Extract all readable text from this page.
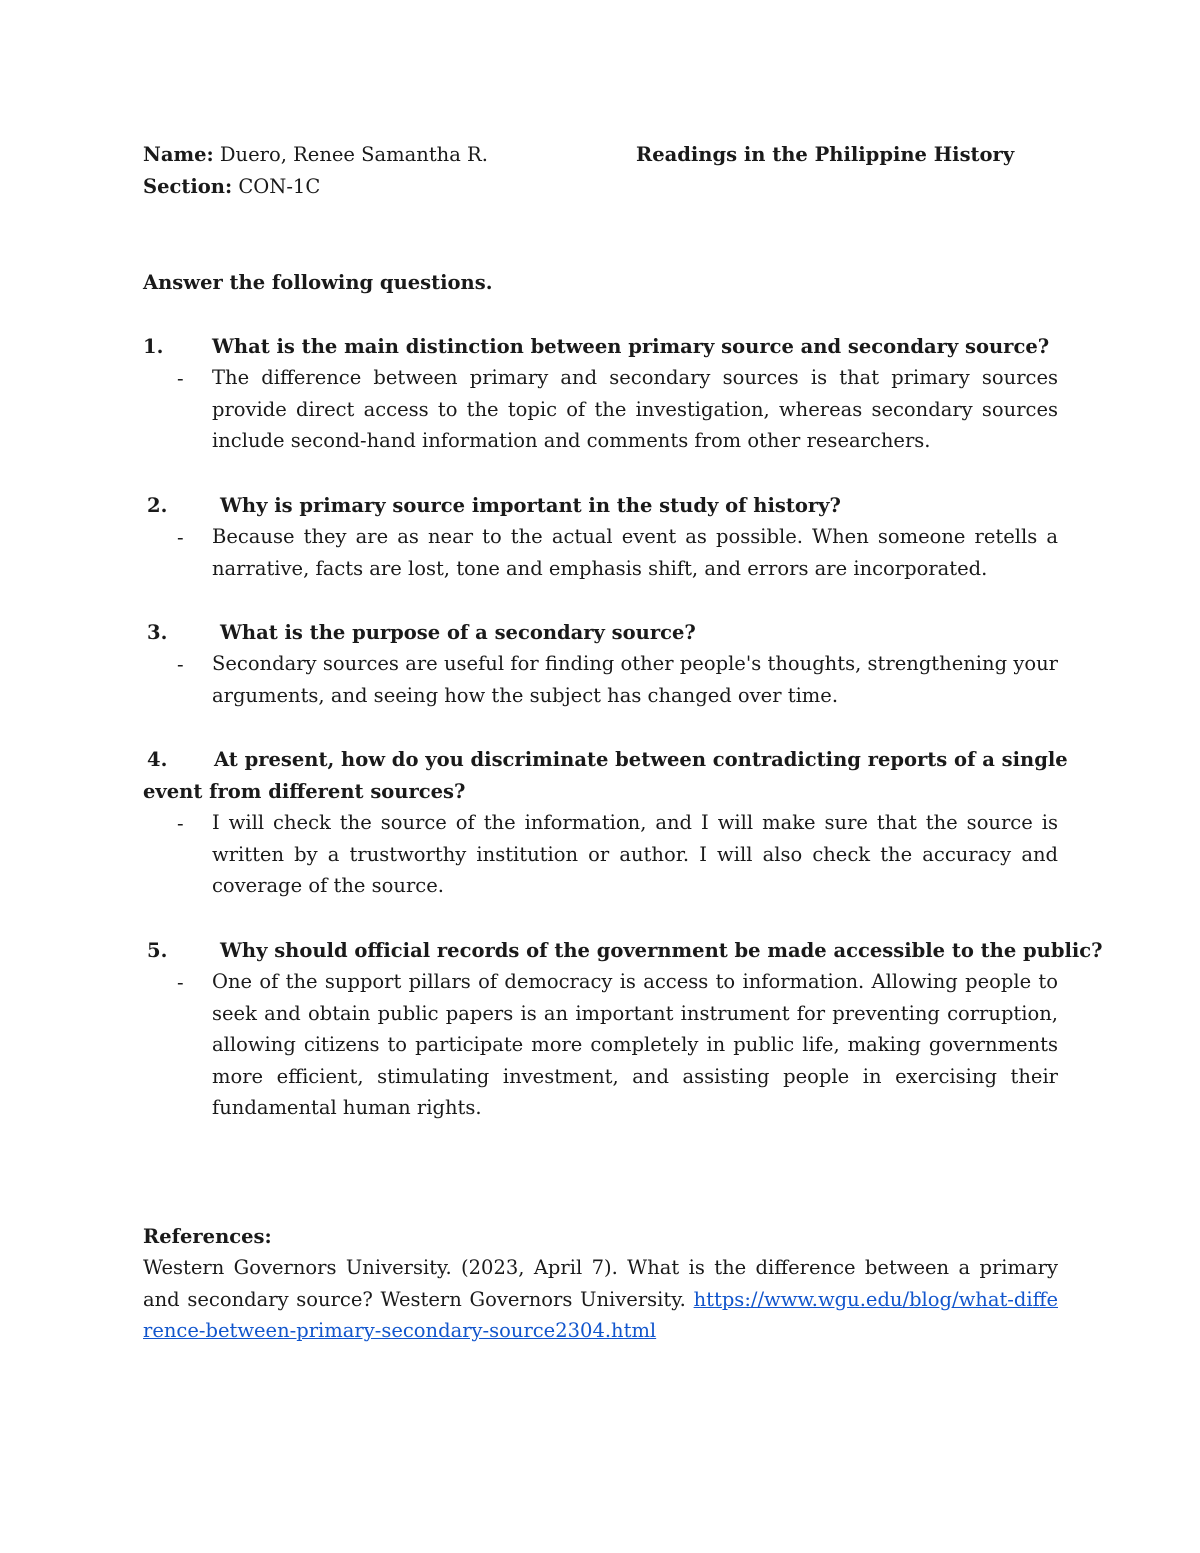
Name: Duero, Renee Samantha R.	Readings in the Philippine History
Section: CON-1C
Answer the following questions.
1. What is the main distinction between primary source and secondary source?
- The difference between primary and secondary sources is that primary sources provide direct access to the topic of the investigation, whereas secondary sources include second-hand information and comments from other researchers.
2.	Why is primary source important in the study of history?
- Because they are as near to the actual event as possible. When someone retells a narrative, facts are lost, tone and emphasis shift, and errors are incorporated.
3.	What is the purpose of a secondary source?
- Secondary sources are useful for finding other people's thoughts, strengthening your arguments, and seeing how the subject has changed over time.
4. At present, how do you discriminate between contradicting reports of a single
event from different sources?
- I will check the source of the information, and I will make sure that the source is written by a trustworthy institution or author. I will also check the accuracy and coverage of the source.
5.	Why should official records of the government be made accessible to the public?
- One of the support pillars of democracy is access to information. Allowing people to seek and obtain public papers is an important instrument for preventing corruption, allowing citizens to participate more completely in public life, making governments more efficient, stimulating investment, and assisting people in exercising their fundamental human rights.
References:
Western Governors University. (2023, April 7). What is the difference between a primary and secondary source? Western Governors University. https://www.wgu.edu/blog/what-difference-between-primary-secondary-source2304.html
